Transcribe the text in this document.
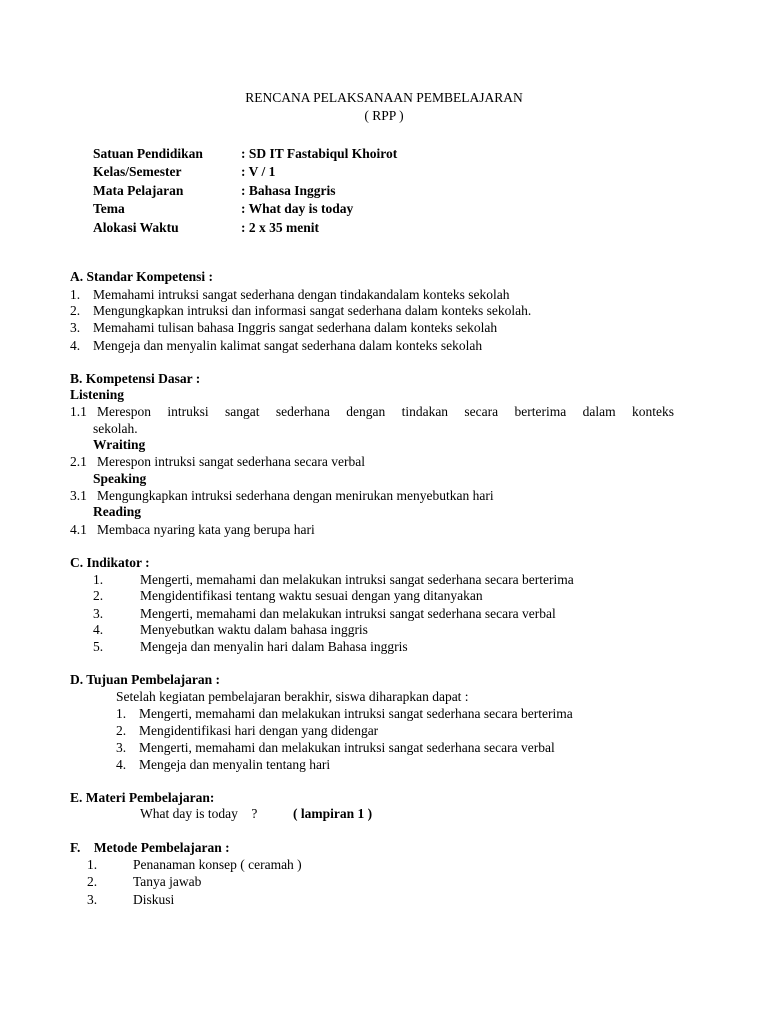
RENCANA PELAKSANAAN PEMBELAJARAN
( RPP )
Satuan Pendidikan	: SD IT Fastabiqul Khoirot
Kelas/Semester	: V / 1
Mata Pelajaran	: Bahasa Inggris
Tema	: What day is today
Alokasi Waktu	: 2 x 35 menit
A. Standar Kompetensi :
1. Memahami intruksi sangat sederhana dengan tindakandalam konteks sekolah
2. Mengungkapkan intruksi dan informasi sangat sederhana dalam konteks sekolah.
3. Memahami tulisan bahasa Inggris sangat sederhana dalam konteks sekolah
4. Mengeja dan menyalin kalimat sangat sederhana dalam konteks sekolah
B. Kompetensi Dasar :
Listening
1.1 Merespon intruksi sangat sederhana dengan tindakan secara berterima dalam konteks
sekolah.
Wraiting
2.1 Merespon intruksi sangat sederhana secara verbal
Speaking
3.1 Mengungkapkan intruksi sederhana dengan menirukan menyebutkan hari
Reading
4.1 Membaca nyaring kata yang berupa hari
C. Indikator :
1.	Mengerti, memahami dan melakukan intruksi sangat sederhana secara berterima
2.	Mengidentifikasi tentang waktu sesuai dengan yang ditanyakan
3.	Mengerti, memahami dan melakukan intruksi sangat sederhana secara verbal
4.	Menyebutkan waktu dalam bahasa inggris
5.	Mengeja dan menyalin hari dalam Bahasa inggris
D. Tujuan Pembelajaran :
Setelah kegiatan pembelajaran berakhir, siswa diharapkan dapat :
1. Mengerti, memahami dan melakukan intruksi sangat sederhana secara berterima
2. Mengidentifikasi hari dengan yang didengar
3. Mengerti, memahami dan melakukan intruksi sangat sederhana secara verbal
4. Mengeja dan menyalin tentang hari
E. Materi Pembelajaran:
What day is today    ?	( lampiran 1 )
F.    Metode Pembelajaran :
1.	Penanaman konsep ( ceramah )
2.	Tanya jawab
3.	Diskusi
